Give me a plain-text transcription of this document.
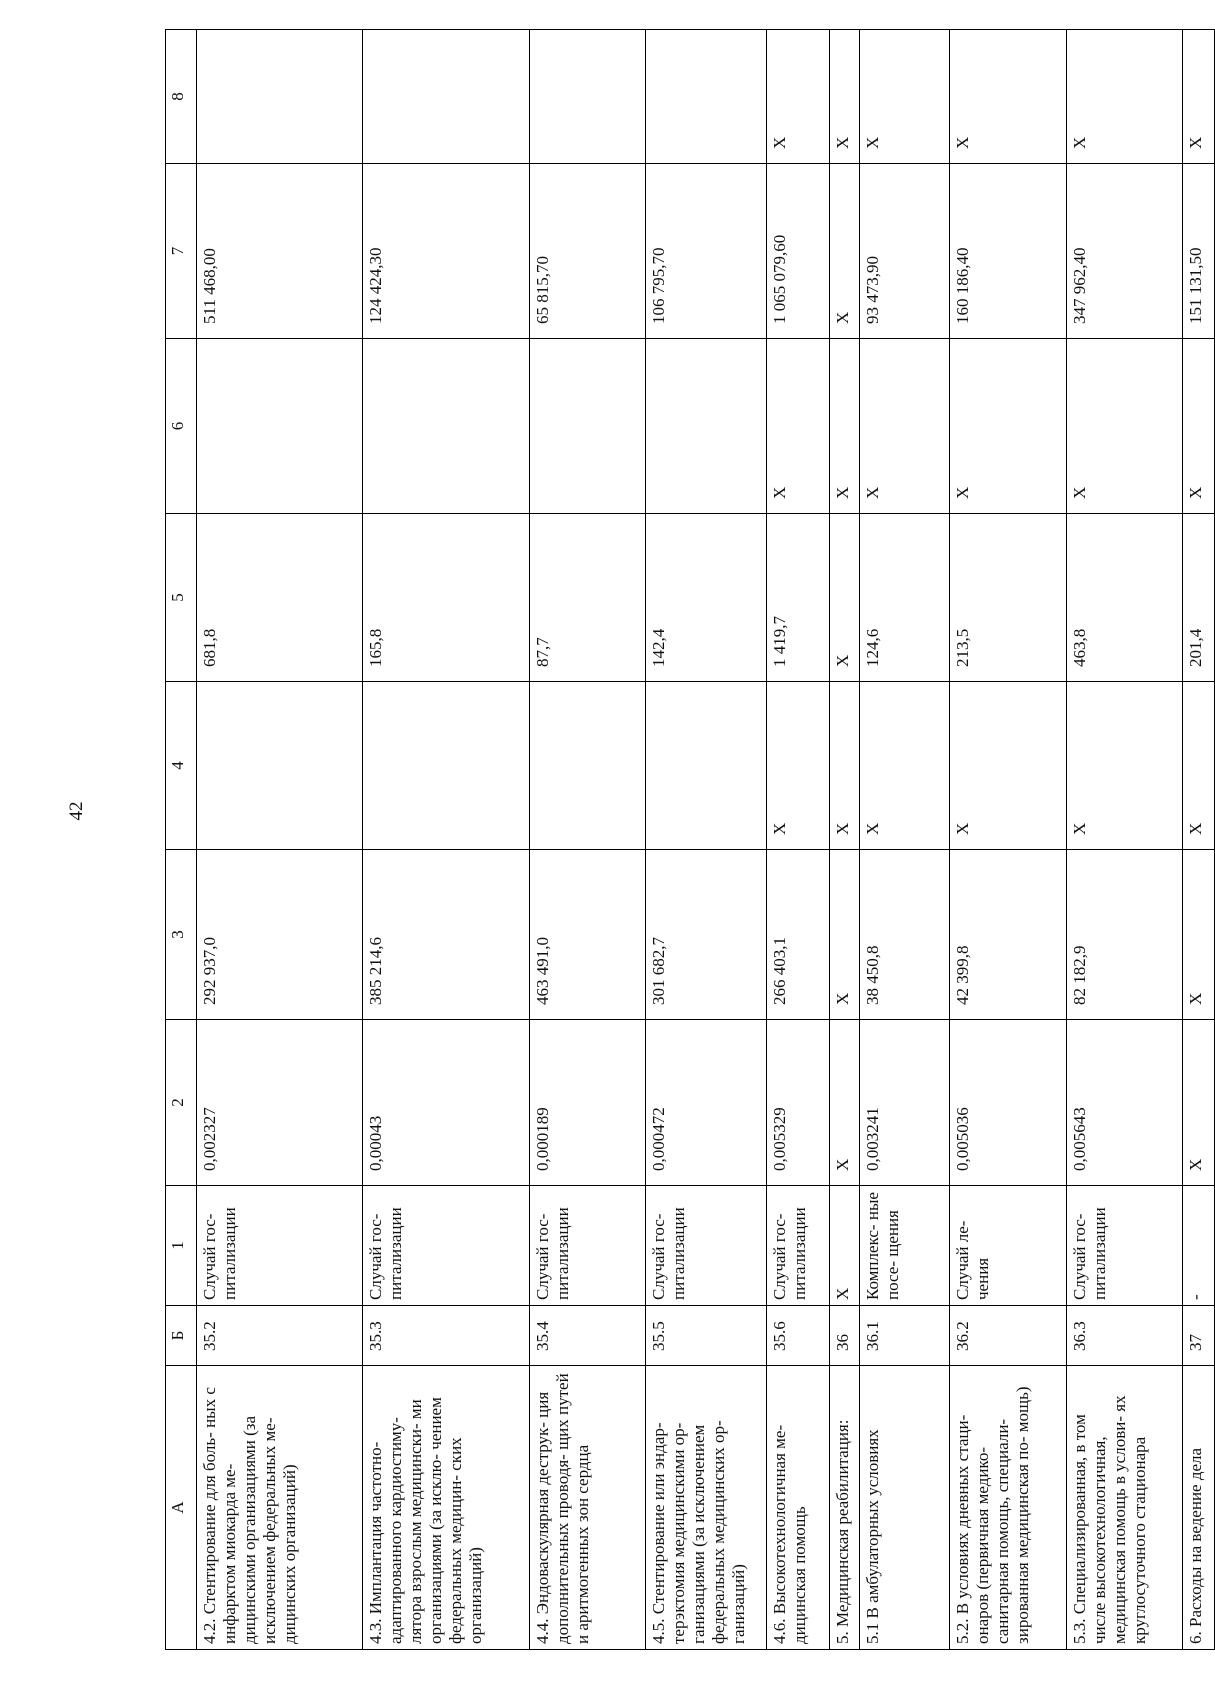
42
А	Б	1	2	3	4	5	6	7	8
4.2. Стентирование для боль- ных с инфарктом миокарда ме- дицинскими организациями (за исключением федеральных ме- дицинских организаций)	35.2	Случай гос- питализации	0,002327	292 937,0		681,8		511 468,00	
4.3. Имплантация частотно- адаптированного кардиостиму- лятора взрослым медицински- ми организациями (за исклю- чением федеральных медицин- ских организаций)	35.3	Случай гос- питализации	0,00043	385 214,6		165,8		124 424,30	
4.4. Эндоваскулярная деструк- ция дополнительных проводя- щих путей и аритмогенных зон сердца	35.4	Случай гос- питализации	0,000189	463 491,0		87,7		65 815,70	
4.5. Стентирование или эндар- терэктомия медицинскими ор- ганизациями (за исключением федеральных медицинских ор- ганизаций)	35.5	Случай гос- питализации	0,000472	301 682,7		142,4		106 795,70	
4.6. Высокотехнологичная ме- дицинская помощь	35.6	Случай гос- питализации	0,005329	266 403,1	X	1 419,7	X	1 065 079,60	X
5. Медицинская реабилитация:	36	X	X	X	X	X	X	X	X
5.1 В амбулаторных условиях	36.1	Комплекс- ные посе- щения	0,003241	38 450,8	X	124,6	X	93 473,90	X
5.2. В условиях дневных стаци- онаров (первичная медико- санитарная помощь, специали- зированная медицинская по- мощь)	36.2	Случай ле- чения	0,005036	42 399,8	X	213,5	X	160 186,40	X
5.3. Специализированная, в том числе высокотехнологичная, медицинская помощь в услови- ях круглосуточного стационара	36.3	Случай гос- питализации	0,005643	82 182,9	X	463,8	X	347 962,40	X
6. Расходы на ведение дела	37	-	X	X	X	201,4	X	151 131,50	X
